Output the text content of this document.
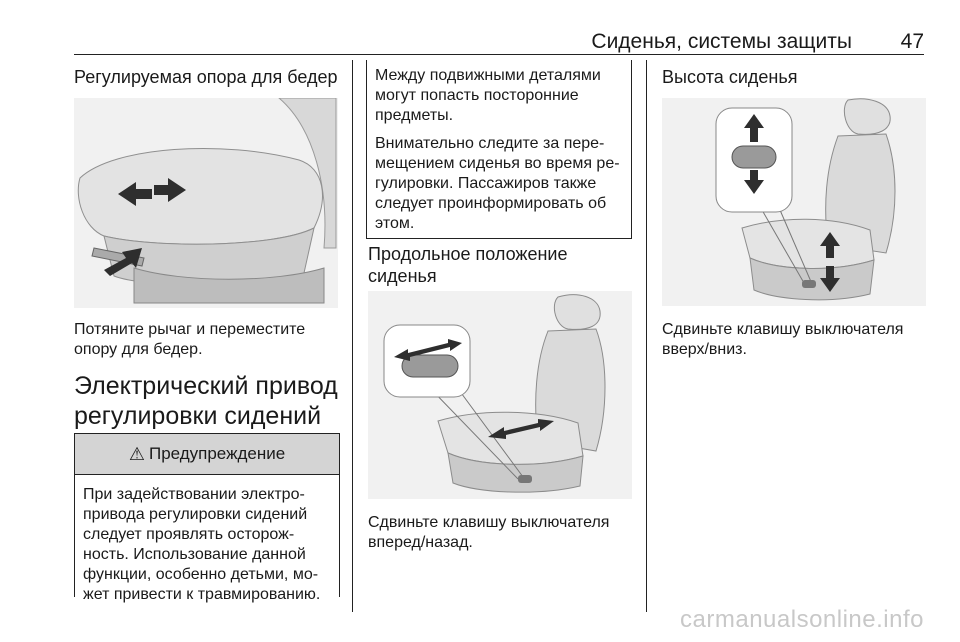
Сиденья, системы защиты 47
Регулируемая опора для бедер
Потяните рычаг и переместите опору для бедер.
Электрический привод
регулировки сидений
⚠ Предупреждение
При задействовании электро-привода регулировки сидений следует проявлять осторож-ность. Использование данной функции, особенно детьми, мо-жет привести к травмированию.

Между подвижными деталями могут попасть посторонние предметы.

Внимательно следите за пере-мещением сиденья во время ре-гулировки. Пассажиров также следует проинформировать об этом.

Продольное положение
сиденья
Сдвиньте клавишу выключателя вперед/назад.
Высота сиденья
Сдвиньте клавишу выключателя вверх/вниз.
carmanualsonline.info
